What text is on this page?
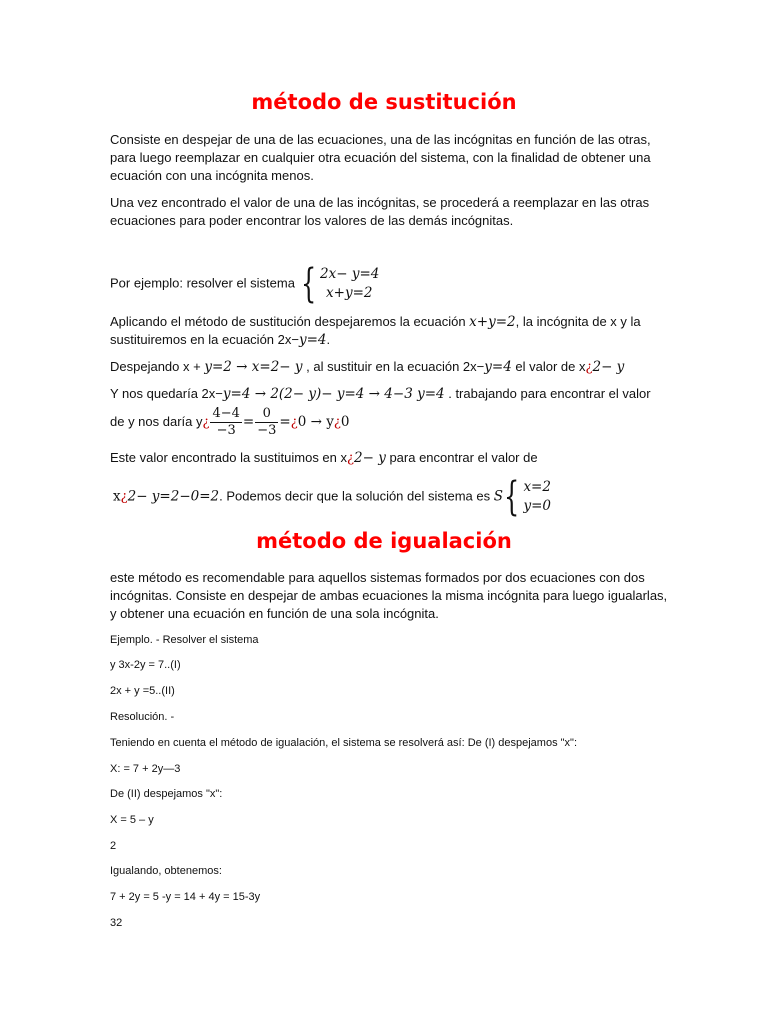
método de sustitución

Consiste en despejar de una de las ecuaciones, una de las incógnitas en función de las otras, para luego reemplazar en cualquier otra ecuación del sistema, con la finalidad de obtener una ecuación con una incógnita menos.

Una vez encontrado el valor de una de las incógnitas, se procederá a reemplazar en las otras ecuaciones para poder encontrar los valores de las demás incógnitas.

Por ejemplo: resolver el sistema { 2x− y=4
x+y=2
Aplicando el método de sustitución despejaremos la ecuación x+y=2, la incógnita de x y la
sustituiremos en la ecuación 2x−y=4.
Despejando x + y=2 → x=2− y , al sustituir en la ecuación 2x−y=4 el valor de x¿2− y
Y nos quedaría 2x−y=4 → 2(2− y)− y=4 → 4−3 y=4 . trabajando para encontrar el valor
de y nos daría y¿ $\frac{4-4}{-3} = \frac{0}{-3}$ =¿0 → y¿0
Este valor encontrado la sustituimos en x¿2− y para encontrar el valor de
x¿2− y=2−0=2. Podemos decir que la solución del sistema es S{ x=2
y=0
método de igualación

este método es recomendable para aquellos sistemas formados por dos ecuaciones con dos incógnitas. Consiste en despejar de ambas ecuaciones la misma incógnita para luego igualarlas, y obtener una ecuación en función de una sola incógnita.

Ejemplo. - Resolver el sistema
y 3x-2y = 7..(I)
2x + y =5..(II)
Resolución. -
Teniendo en cuenta el método de igualación, el sistema se resolverá así: De (I) despejamos "x":
X: = 7 + 2y—3
De (II) despejamos "x":
X = 5 – y
2
Igualando, obtenemos:
7 + 2y = 5 -y = 14 + 4y = 15-3y
32
